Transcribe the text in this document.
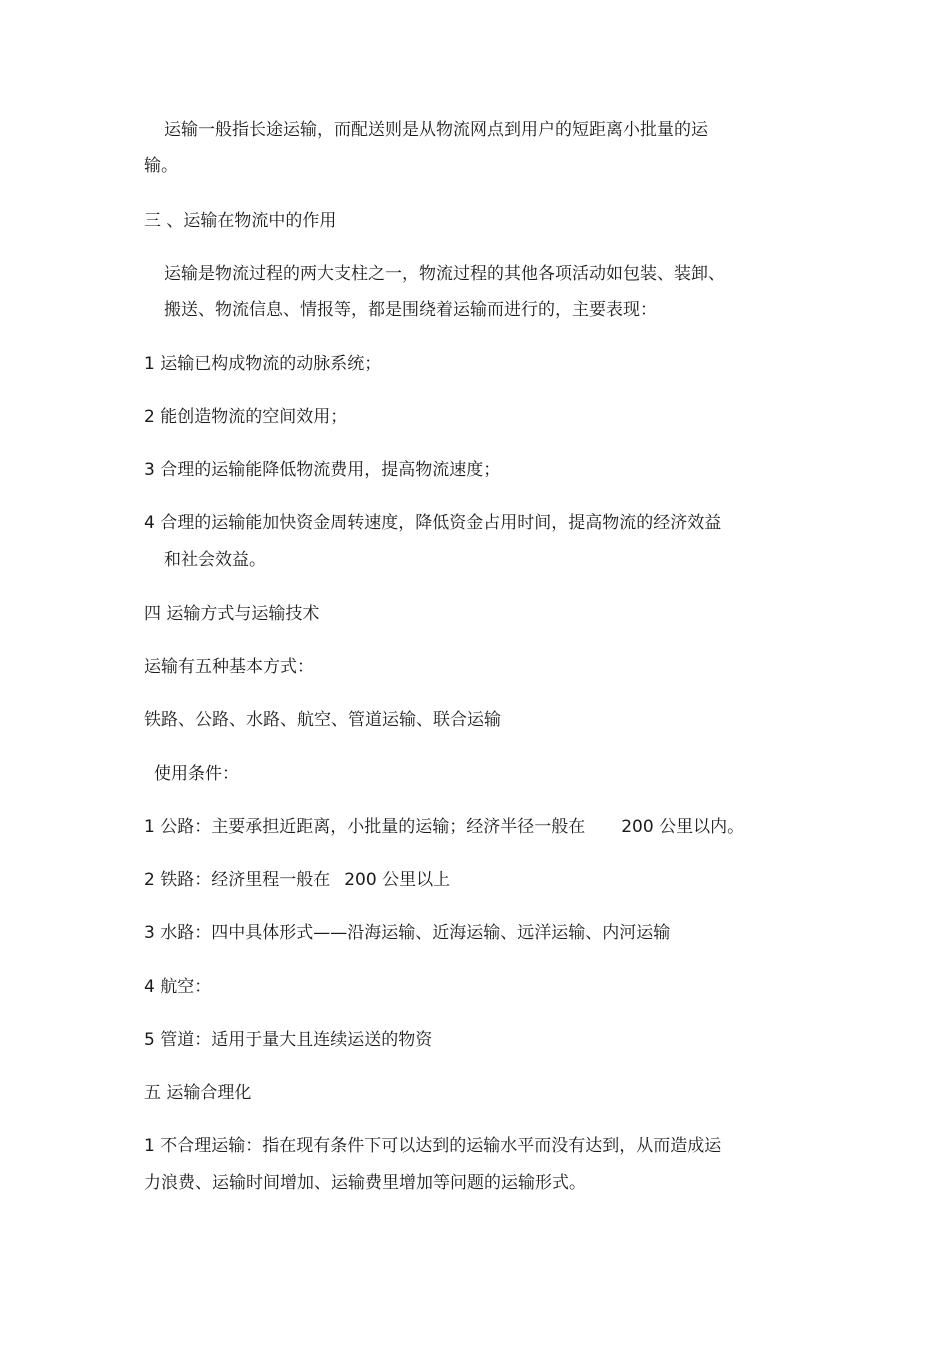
运输一般指长途运输，而配送则是从物流网点到用户的短距离小批量的运
输。
三 、运输在物流中的作用
运输是物流过程的两大支柱之一，物流过程的其他各项活动如包装、装卸、
搬送、物流信息、情报等，都是围绕着运输而进行的，主要表现：
1 运输已构成物流的动脉系统；
2 能创造物流的空间效用；
3 合理的运输能降低物流费用，提高物流速度；
4 合理的运输能加快资金周转速度，降低资金占用时间，提高物流的经济效益
和社会效益。
四 运输方式与运输技术
运输有五种基本方式：
铁路、公路、水路、航空、管道运输、联合运输
使用条件：
1 公路：主要承担近距离，小批量的运输；经济半径一般在 200 公里以内。
2 铁路：经济里程一般在 200 公里以上
3 水路：四中具体形式——沿海运输、近海运输、远洋运输、内河运输
4 航空：
5 管道：适用于量大且连续运送的物资
五 运输合理化
1 不合理运输：指在现有条件下可以达到的运输水平而没有达到，从而造成运
力浪费、运输时间增加、运输费里增加等问题的运输形式。
